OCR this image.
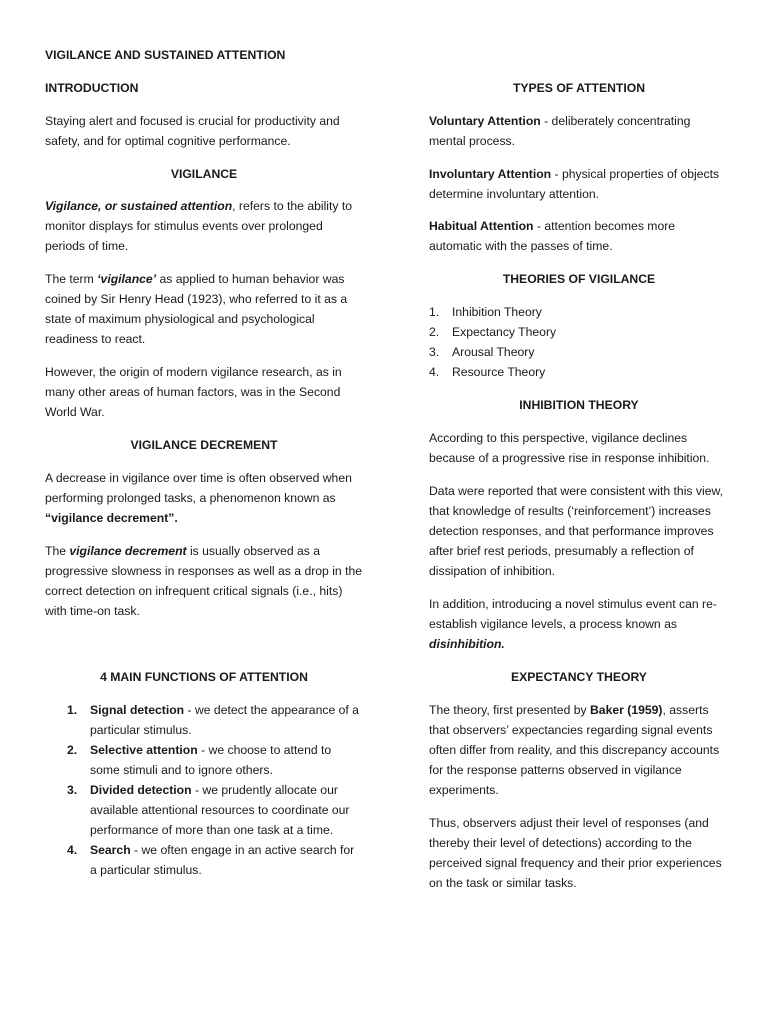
VIGILANCE AND SUSTAINED ATTENTION

INTRODUCTION

Staying alert and focused is crucial for productivity and safety, and for optimal cognitive performance.

VIGILANCE

Vigilance, or sustained attention, refers to the ability to monitor displays for stimulus events over prolonged periods of time.

The term ‘vigilance’ as applied to human behavior was coined by Sir Henry Head (1923), who referred to it as a state of maximum physiological and psychological readiness to react.

However, the origin of modern vigilance research, as in many other areas of human factors, was in the Second World War.

VIGILANCE DECREMENT

A decrease in vigilance over time is often observed when performing prolonged tasks, a phenomenon known as “vigilance decrement”.

The vigilance decrement is usually observed as a progressive slowness in responses as well as a drop in the correct detection on infrequent critical signals (i.e., hits) with time-on task.

4 MAIN FUNCTIONS OF ATTENTION

1. Signal detection - we detect the appearance of a particular stimulus.
2. Selective attention - we choose to attend to some stimuli and to ignore others.
3. Divided detection - we prudently allocate our available attentional resources to coordinate our performance of more than one task at a time.
4. Search - we often engage in an active search for a particular stimulus.

TYPES OF ATTENTION

Voluntary Attention - deliberately concentrating mental process.

Involuntary Attention - physical properties of objects determine involuntary attention.

Habitual Attention - attention becomes more automatic with the passes of time.

THEORIES OF VIGILANCE

1. Inhibition Theory
2. Expectancy Theory
3. Arousal Theory
4. Resource Theory

INHIBITION THEORY

According to this perspective, vigilance declines because of a progressive rise in response inhibition.

Data were reported that were consistent with this view, that knowledge of results (‘reinforcement’) increases detection responses, and that performance improves after brief rest periods, presumably a reflection of dissipation of inhibition.

In addition, introducing a novel stimulus event can re-establish vigilance levels, a process known as disinhibition.

EXPECTANCY THEORY

The theory, first presented by Baker (1959), asserts that observers’ expectancies regarding signal events often differ from reality, and this discrepancy accounts for the response patterns observed in vigilance experiments.

Thus, observers adjust their level of responses (and thereby their level of detections) according to the perceived signal frequency and their prior experiences on the task or similar tasks.
